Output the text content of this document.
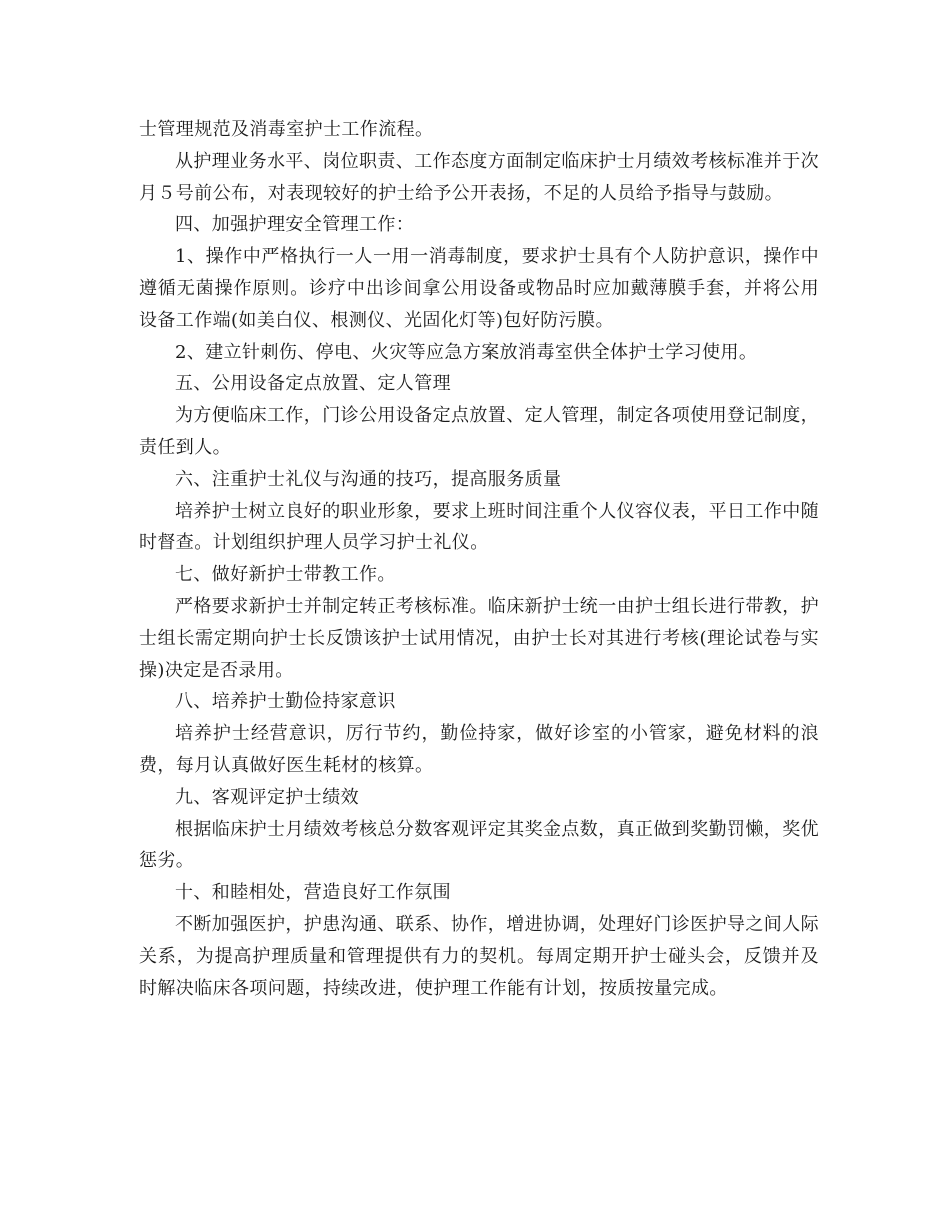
士管理规范及消毒室护士工作流程。

从护理业务水平、岗位职责、工作态度方面制定临床护士月绩效考核标准并于次月５号前公布，对表现较好的护士给予公开表扬，不足的人员给予指导与鼓励。

四、加强护理安全管理工作：

1、操作中严格执行一人一用一消毒制度，要求护士具有个人防护意识，操作中遵循无菌操作原则。诊疗中出诊间拿公用设备或物品时应加戴薄膜手套，并将公用设备工作端(如美白仪、根测仪、光固化灯等)包好防污膜。

2、建立针刺伤、停电、火灾等应急方案放消毒室供全体护士学习使用。

五、公用设备定点放置、定人管理

为方便临床工作，门诊公用设备定点放置、定人管理，制定各项使用登记制度，责任到人。

六、注重护士礼仪与沟通的技巧，提高服务质量

培养护士树立良好的职业形象，要求上班时间注重个人仪容仪表，平日工作中随时督查。计划组织护理人员学习护士礼仪。

七、做好新护士带教工作。

严格要求新护士并制定转正考核标准。临床新护士统一由护士组长进行带教，护士组长需定期向护士长反馈该护士试用情况，由护士长对其进行考核(理论试卷与实操)决定是否录用。

八、培养护士勤俭持家意识

培养护士经营意识，厉行节约，勤俭持家，做好诊室的小管家，避免材料的浪费，每月认真做好医生耗材的核算。

九、客观评定护士绩效

根据临床护士月绩效考核总分数客观评定其奖金点数，真正做到奖勤罚懒，奖优惩劣。

十、和睦相处，营造良好工作氛围

不断加强医护，护患沟通、联系、协作，增进协调，处理好门诊医护导之间人际关系，为提高护理质量和管理提供有力的契机。每周定期开护士碰头会，反馈并及时解决临床各项问题，持续改进，使护理工作能有计划，按质按量完成。
